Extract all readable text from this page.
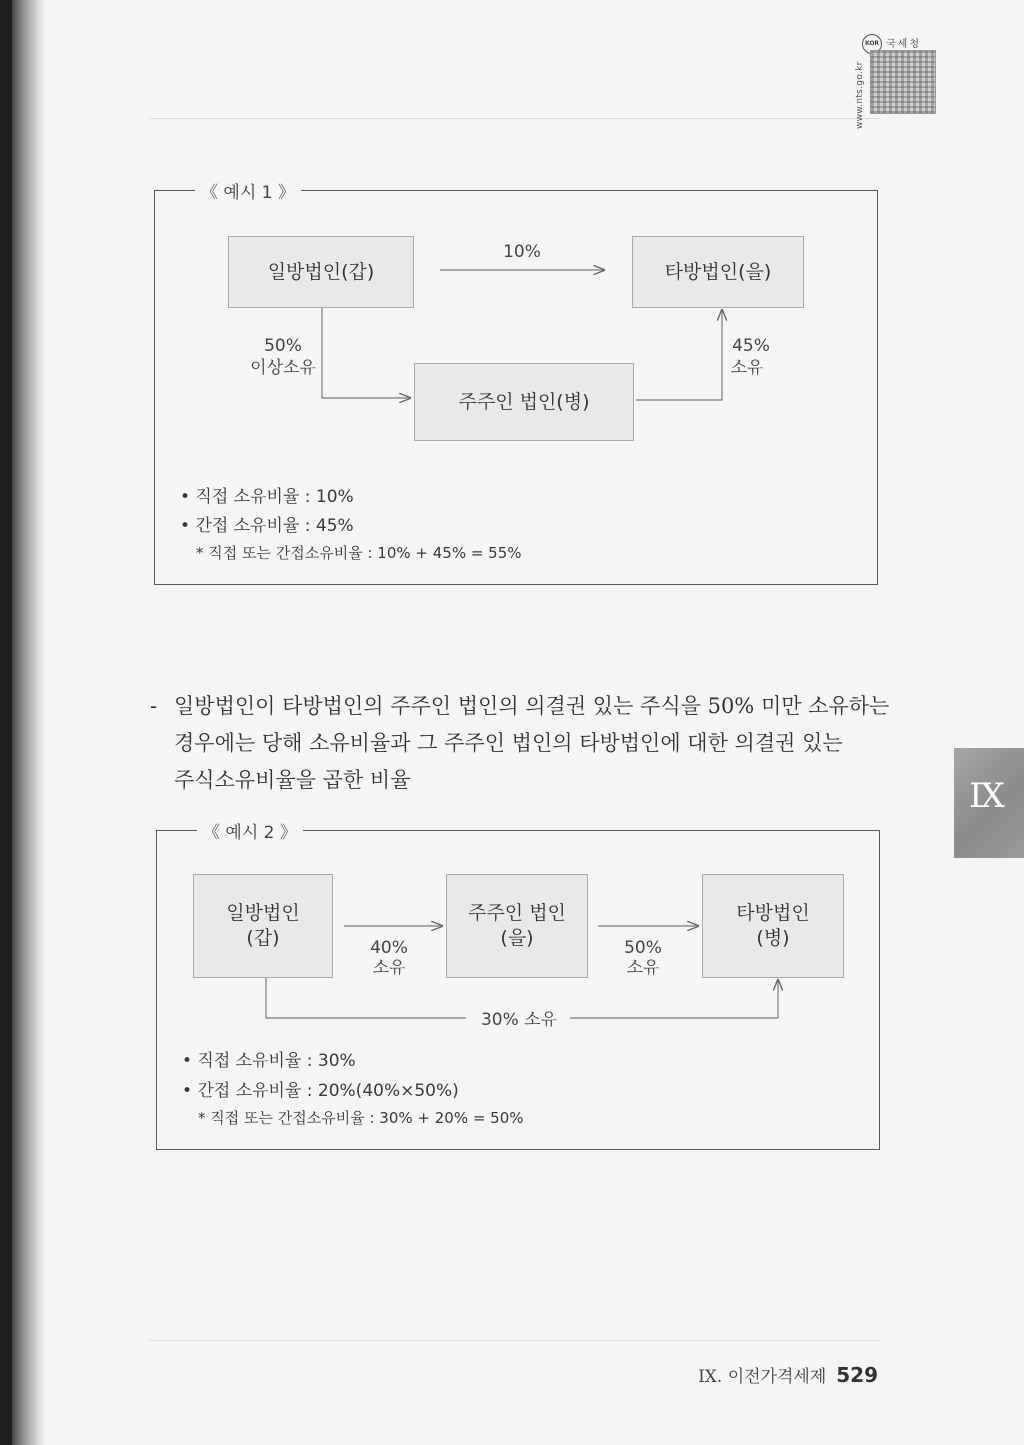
www.nts.go.kr
KOR 국세청
《 예시 1 》
일방법인(갑)	타방법인(을)
주주인 법인(병)
10%
50%
이상소유
45%
소유
• 직접 소유비율 : 10%
• 간접 소유비율 : 45%
* 직접 또는 간접소유비율 : 10% + 45% = 55%
- 일방법인이 타방법인의 주주인 법인의 의결권 있는 주식을 50% 미만 소유하는
경우에는 당해 소유비율과 그 주주인 법인의 타방법인에 대한 의결권 있는
주식소유비율을 곱한 비율	IX
《 예시 2 》
일방법인
(갑)
주주인 법인
(을)
타방법인
(병)
40%
소유
50%
소유
30% 소유
• 직접 소유비율 : 30%
• 간접 소유비율 : 20%(40%×50%)
* 직접 또는 간접소유비율 : 30% + 20% = 50%
IX. 이전가격세제 529
